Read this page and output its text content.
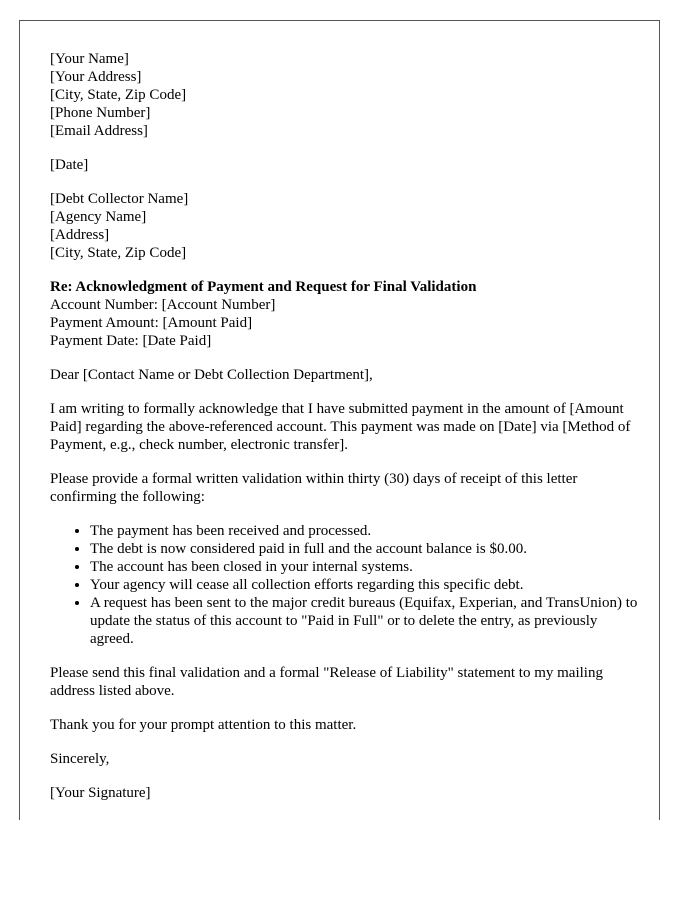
[Your Name]
[Your Address]
[City, State, Zip Code]
[Phone Number]
[Email Address]
[Date]
[Debt Collector Name]
[Agency Name]
[Address]
[City, State, Zip Code]
Re: Acknowledgment of Payment and Request for Final Validation
Account Number: [Account Number]
Payment Amount: [Amount Paid]
Payment Date: [Date Paid]

Dear [Contact Name or Debt Collection Department],

I am writing to formally acknowledge that I have submitted payment in the amount of [Amount Paid] regarding the above-referenced account. This payment was made on [Date] via [Method of Payment, e.g., check number, electronic transfer].

Please provide a formal written validation within thirty (30) days of receipt of this letter confirming the following:

• The payment has been received and processed.
• The debt is now considered paid in full and the account balance is $0.00.
• The account has been closed in your internal systems.
• Your agency will cease all collection efforts regarding this specific debt.
• A request has been sent to the major credit bureaus (Equifax, Experian, and TransUnion) to update the status of this account to "Paid in Full" or to delete the entry, as previously agreed.

Please send this final validation and a formal "Release of Liability" statement to my mailing address listed above.

Thank you for your prompt attention to this matter.

Sincerely,

[Your Signature]
